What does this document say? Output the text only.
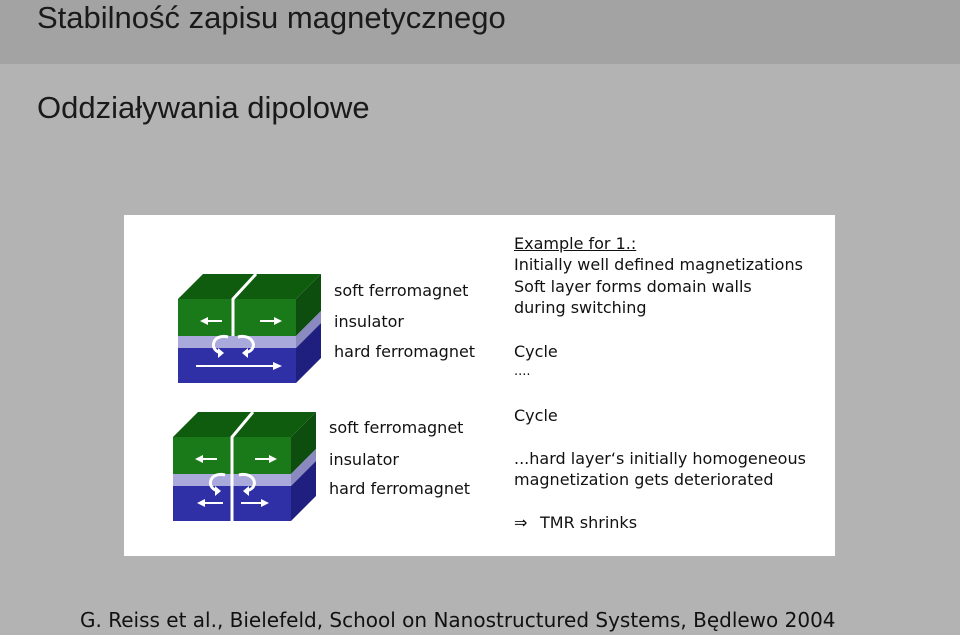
Stabilność zapisu magnetycznego
Oddziaływania dipolowe
soft ferromagnet
insulator
hard ferromagnet
soft ferromagnet
insulator
hard ferromagnet
Example for 1.:
Initially well defined magnetizations
Soft layer forms domain walls
during switching
Cycle
....
Cycle
...hard layer‘s initially homogeneous
magnetization gets deteriorated
⇒ TMR shrinks
G. Reiss et al., Bielefeld, School on Nanostructured Systems, Będlewo 2004
